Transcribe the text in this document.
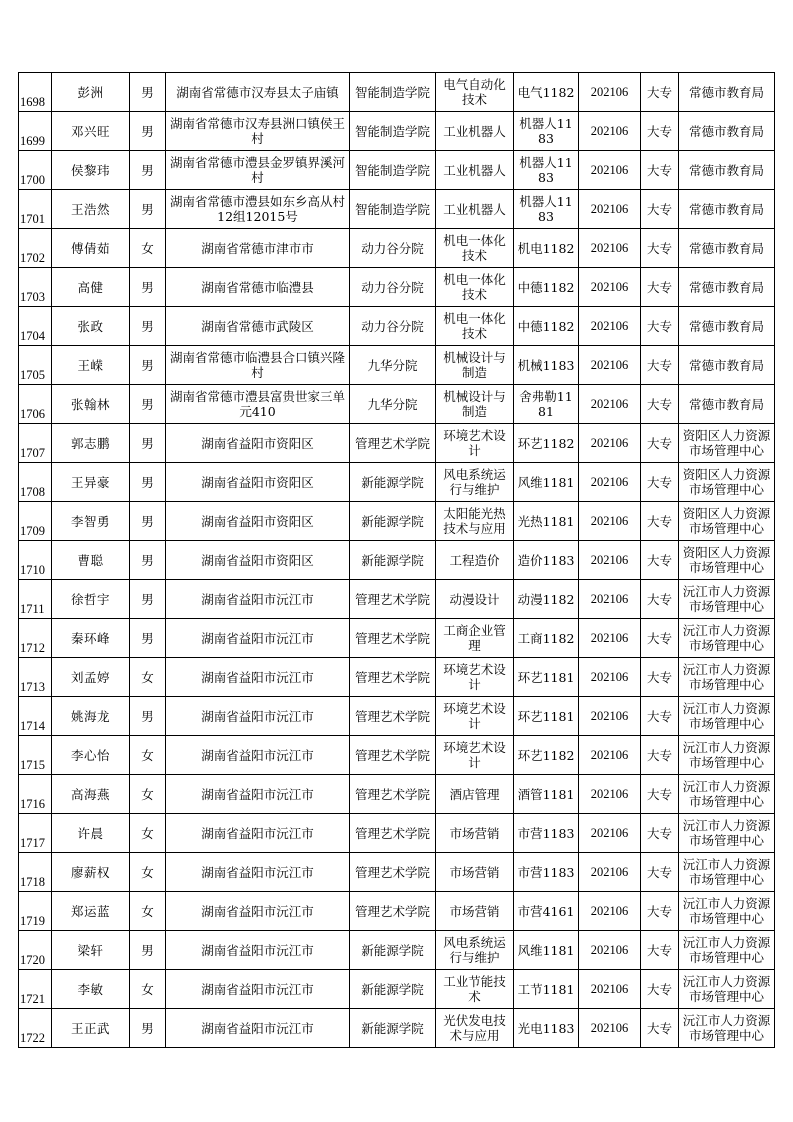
1698	彭洲	男	湖南省常德市汉寿县太子庙镇	智能制造学院	电气自动化技术	电气1182	202106	大专	常德市教育局
1699	邓兴旺	男	湖南省常德市汉寿县洲口镇侯王村	智能制造学院	工业机器人	机器人1183	202106	大专	常德市教育局
1700	侯黎玮	男	湖南省常德市澧县金罗镇界溪河村	智能制造学院	工业机器人	机器人1183	202106	大专	常德市教育局
1701	王浩然	男	湖南省常德市澧县如东乡高从村12组12015号	智能制造学院	工业机器人	机器人1183	202106	大专	常德市教育局
1702	傅倩茹	女	湖南省常德市津市市	动力谷分院	机电一体化技术	机电1182	202106	大专	常德市教育局
1703	高健	男	湖南省常德市临澧县	动力谷分院	机电一体化技术	中德1182	202106	大专	常德市教育局
1704	张政	男	湖南省常德市武陵区	动力谷分院	机电一体化技术	中德1182	202106	大专	常德市教育局
1705	王嵘	男	湖南省常德市临澧县合口镇兴隆村	九华分院	机械设计与制造	机械1183	202106	大专	常德市教育局
1706	张翰林	男	湖南省常德市澧县富贵世家三单元410	九华分院	机械设计与制造	舍弗勒1181	202106	大专	常德市教育局
1707	郭志鹏	男	湖南省益阳市资阳区	管理艺术学院	环境艺术设计	环艺1182	202106	大专	资阳区人力资源市场管理中心
1708	王异豪	男	湖南省益阳市资阳区	新能源学院	风电系统运行与维护	风维1181	202106	大专	资阳区人力资源市场管理中心
1709	李智勇	男	湖南省益阳市资阳区	新能源学院	太阳能光热技术与应用	光热1181	202106	大专	资阳区人力资源市场管理中心
1710	曹聪	男	湖南省益阳市资阳区	新能源学院	工程造价	造价1183	202106	大专	资阳区人力资源市场管理中心
1711	徐哲宇	男	湖南省益阳市沅江市	管理艺术学院	动漫设计	动漫1182	202106	大专	沅江市人力资源市场管理中心
1712	秦环峰	男	湖南省益阳市沅江市	管理艺术学院	工商企业管理	工商1182	202106	大专	沅江市人力资源市场管理中心
1713	刘孟婷	女	湖南省益阳市沅江市	管理艺术学院	环境艺术设计	环艺1181	202106	大专	沅江市人力资源市场管理中心
1714	姚海龙	男	湖南省益阳市沅江市	管理艺术学院	环境艺术设计	环艺1181	202106	大专	沅江市人力资源市场管理中心
1715	李心怡	女	湖南省益阳市沅江市	管理艺术学院	环境艺术设计	环艺1182	202106	大专	沅江市人力资源市场管理中心
1716	高海燕	女	湖南省益阳市沅江市	管理艺术学院	酒店管理	酒管1181	202106	大专	沅江市人力资源市场管理中心
1717	许晨	女	湖南省益阳市沅江市	管理艺术学院	市场营销	市营1183	202106	大专	沅江市人力资源市场管理中心
1718	廖薪权	女	湖南省益阳市沅江市	管理艺术学院	市场营销	市营1183	202106	大专	沅江市人力资源市场管理中心
1719	郑运蓝	女	湖南省益阳市沅江市	管理艺术学院	市场营销	市营4161	202106	大专	沅江市人力资源市场管理中心
1720	梁轩	男	湖南省益阳市沅江市	新能源学院	风电系统运行与维护	风维1181	202106	大专	沅江市人力资源市场管理中心
1721	李敏	女	湖南省益阳市沅江市	新能源学院	工业节能技术	工节1181	202106	大专	沅江市人力资源市场管理中心
1722	王正武	男	湖南省益阳市沅江市	新能源学院	光伏发电技术与应用	光电1183	202106	大专	沅江市人力资源市场管理中心
